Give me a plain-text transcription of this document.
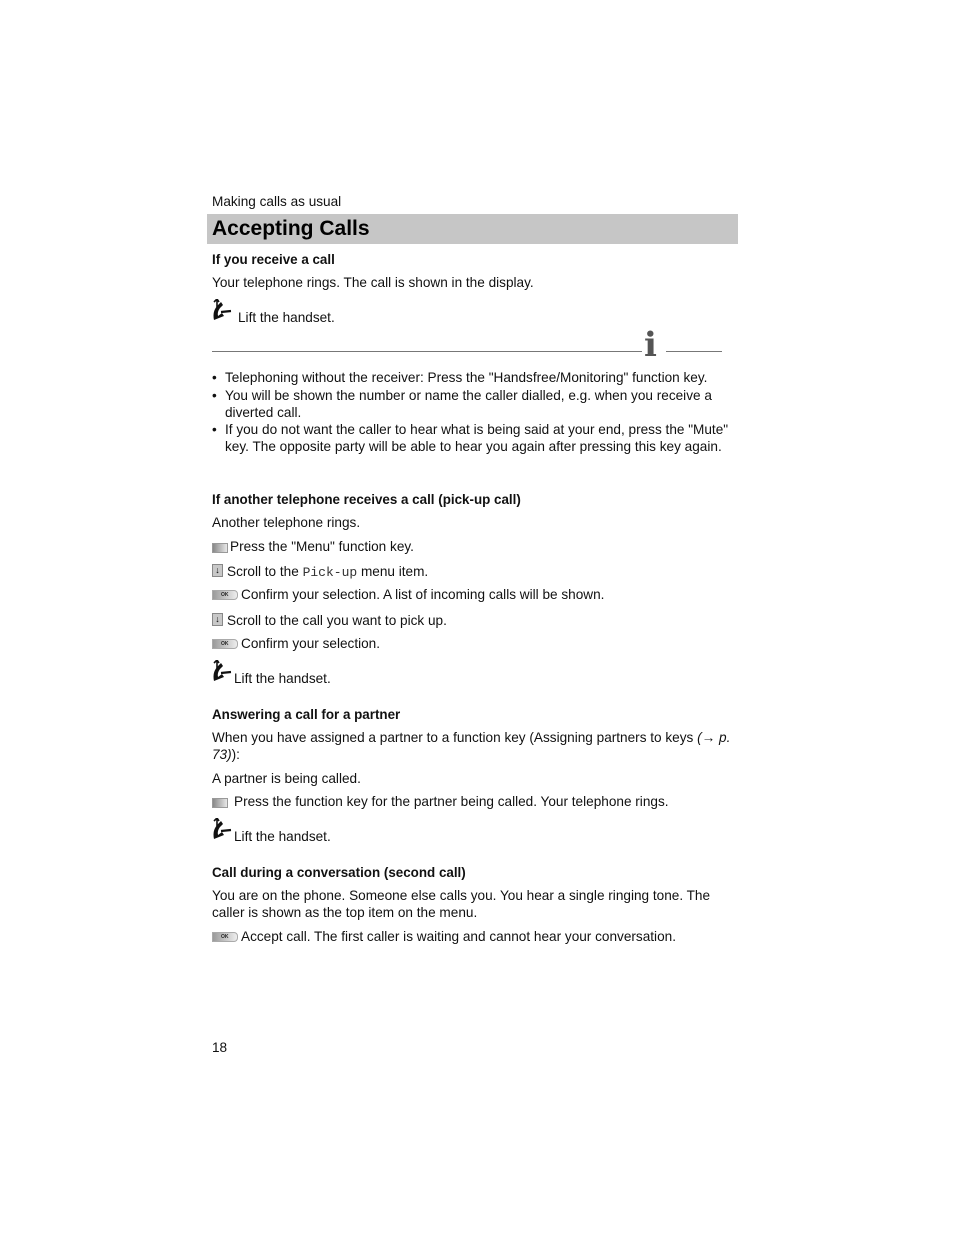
Making calls as usual
Accepting Calls
If you receive a call
Your telephone rings. The call is shown in the display.
Lift the handset.
i
• Telephoning without the receiver: Press the "Handsfree/Monitoring" function key.
• You will be shown the number or name the caller dialled, e.g. when you receive a diverted call.
• If you do not want the caller to hear what is being said at your end, press the "Mute" key. The opposite party will be able to hear you again after pressing this key again.
If another telephone receives a call (pick-up call)
Another telephone rings.
Press the "Menu" function key.
↓ Scroll to the Pick-up menu item.
OK Confirm your selection. A list of incoming calls will be shown.
↓ Scroll to the call you want to pick up.
OK Confirm your selection.
Lift the handset.
Answering a call for a partner
When you have assigned a partner to a function key (Assigning partners to keys (→ p. 73)):
A partner is being called.
Press the function key for the partner being called. Your telephone rings.
Lift the handset.
Call during a conversation (second call)
You are on the phone. Someone else calls you. You hear a single ringing tone. The caller is shown as the top item on the menu.
OK Accept call. The first caller is waiting and cannot hear your conversation.
18
